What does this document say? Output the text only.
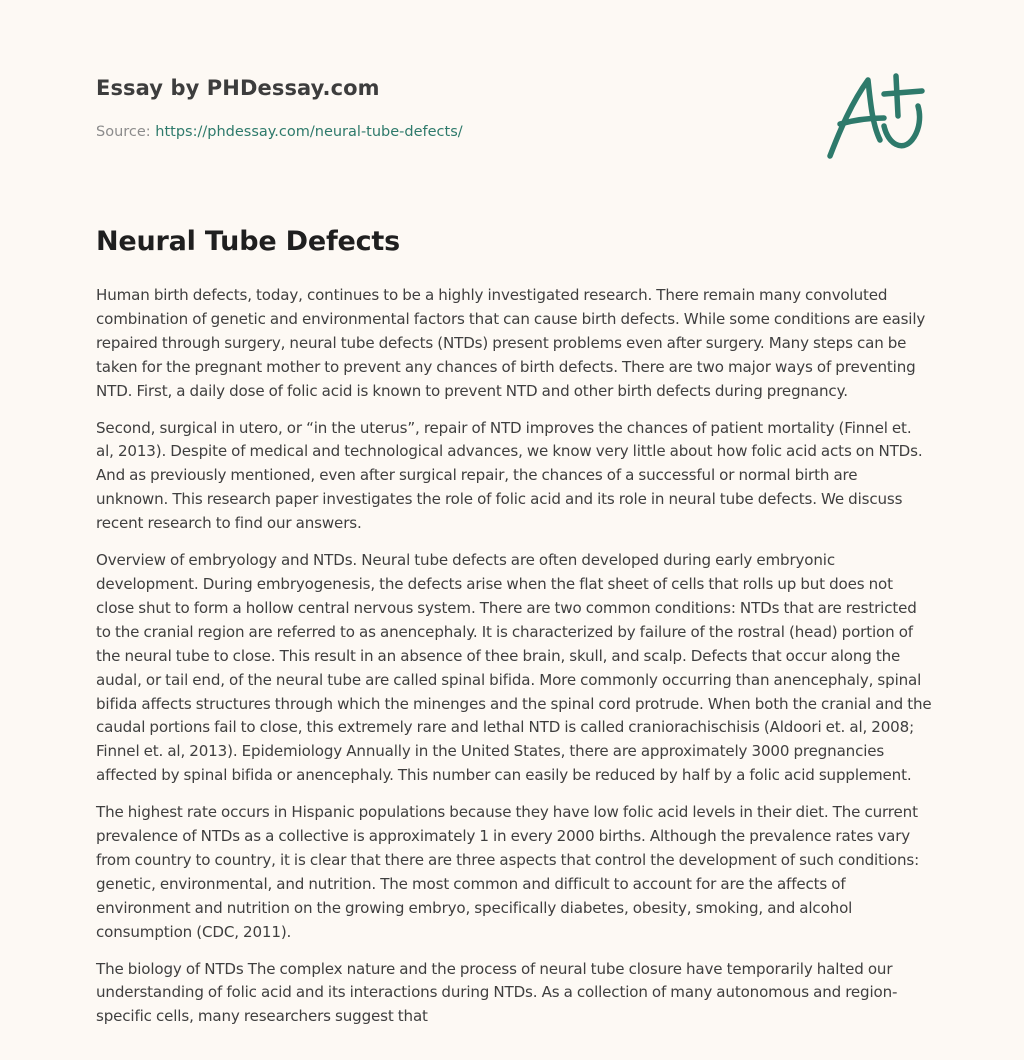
Essay by PHDessay.com
Source: https://phdessay.com/neural-tube-defects/
Neural Tube Defects

Human birth defects, today, continues to be a highly investigated research. There remain many convoluted combination of genetic and environmental factors that can cause birth defects. While some conditions are easily repaired through surgery, neural tube defects (NTDs) present problems even after surgery. Many steps can be taken for the pregnant mother to prevent any chances of birth defects. There are two major ways of preventing NTD. First, a daily dose of folic acid is known to prevent NTD and other birth defects during pregnancy.

Second, surgical in utero, or “in the uterus”, repair of NTD improves the chances of patient mortality (Finnel et. al, 2013). Despite of medical and technological advances, we know very little about how folic acid acts on NTDs. And as previously mentioned, even after surgical repair, the chances of a successful or normal birth are unknown. This research paper investigates the role of folic acid and its role in neural tube defects. We discuss recent research to find our answers.

Overview of embryology and NTDs. Neural tube defects are often developed during early embryonic development. During embryogenesis, the defects arise when the flat sheet of cells that rolls up but does not close shut to form a hollow central nervous system. There are two common conditions: NTDs that are restricted to the cranial region are referred to as anencephaly. It is characterized by failure of the rostral (head) portion of the neural tube to close. This result in an absence of thee brain, skull, and scalp. Defects that occur along the audal, or tail end, of the neural tube are called spinal bifida. More commonly occurring than anencephaly, spinal bifida affects structures through which the minenges and the spinal cord protrude. When both the cranial and the caudal portions fail to close, this extremely rare and lethal NTD is called craniorachischisis (Aldoori et. al, 2008; Finnel et. al, 2013). Epidemiology Annually in the United States, there are approximately 3000 pregnancies affected by spinal bifida or anencephaly. This number can easily be reduced by half by a folic acid supplement.

The highest rate occurs in Hispanic populations because they have low folic acid levels in their diet. The current prevalence of NTDs as a collective is approximately 1 in every 2000 births. Although the prevalence rates vary from country to country, it is clear that there are three aspects that control the development of such conditions: genetic, environmental, and nutrition. The most common and difficult to account for are the affects of environment and nutrition on the growing embryo, specifically diabetes, obesity, smoking, and alcohol consumption (CDC, 2011).

The biology of NTDs The complex nature and the process of neural tube closure have temporarily halted our understanding of folic acid and its interactions during NTDs. As a collection of many autonomous and region-specific cells, many researchers suggest that
